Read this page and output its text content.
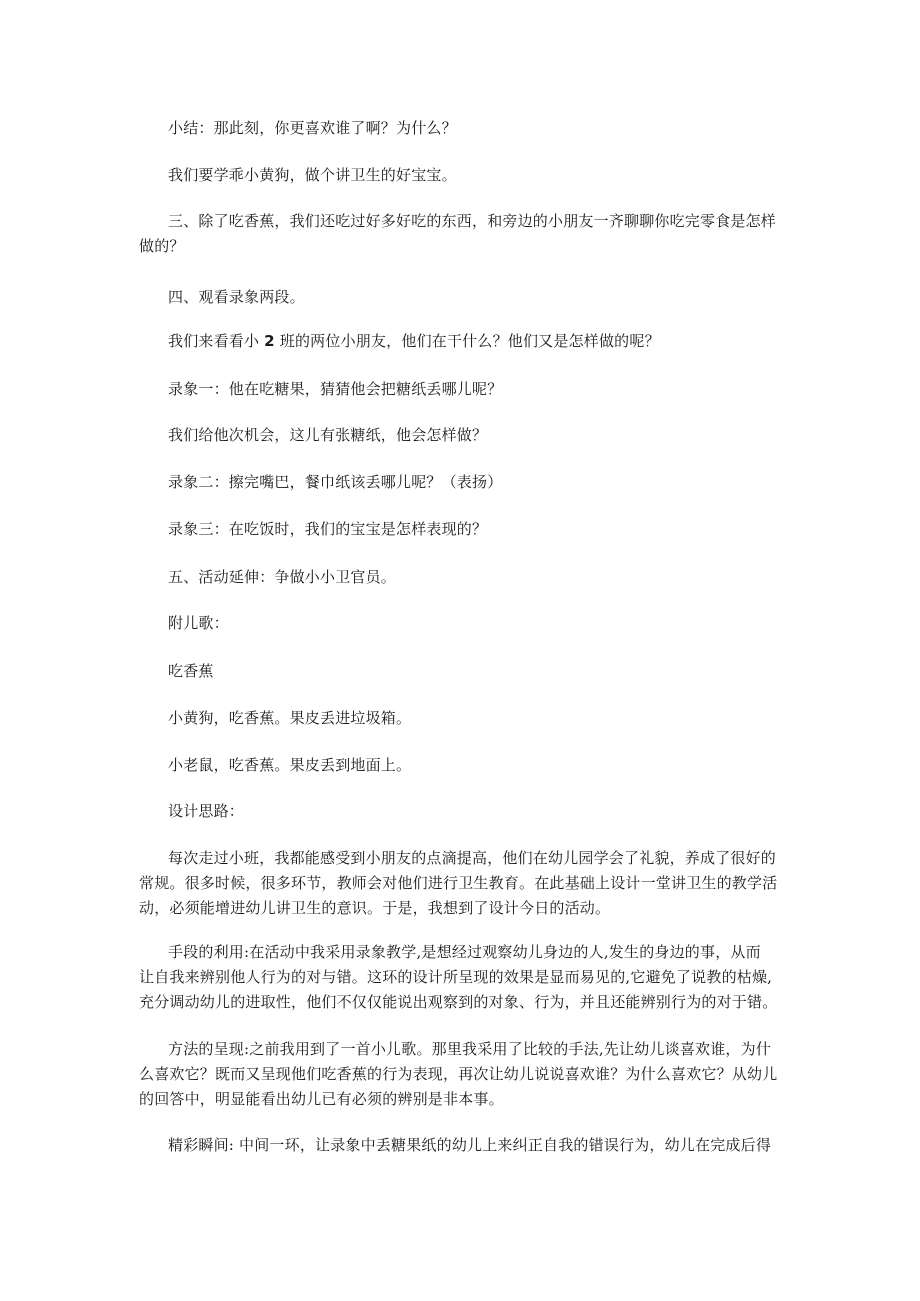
小结：那此刻，你更喜欢谁了啊？为什么？

我们要学乖小黄狗，做个讲卫生的好宝宝。

三、除了吃香蕉，我们还吃过好多好吃的东西，和旁边的小朋友一齐聊聊你吃完零食是怎样
做的？

四、观看录象两段。

我们来看看小 2 班的两位小朋友，他们在干什么？他们又是怎样做的呢？

录象一：他在吃糖果，猜猜他会把糖纸丢哪儿呢？

我们给他次机会，这儿有张糖纸，他会怎样做？

录象二：擦完嘴巴，餐巾纸该丢哪儿呢？（表扬）

录象三：在吃饭时，我们的宝宝是怎样表现的？

五、活动延伸：争做小小卫官员。

附儿歌：

吃香蕉

小黄狗，吃香蕉。果皮丢进垃圾箱。

小老鼠，吃香蕉。果皮丢到地面上。

设计思路：

每次走过小班，我都能感受到小朋友的点滴提高，他们在幼儿园学会了礼貌，养成了很好的
常规。很多时候，很多环节，教师会对他们进行卫生教育。在此基础上设计一堂讲卫生的教学活
动，必须能增进幼儿讲卫生的意识。于是，我想到了设计今日的活动。
手段的利用:在活动中我采用录象教学,是想经过观察幼儿身边的人,发生的身边的事，从而
让自我来辨别他人行为的对与错。这环的设计所呈现的效果是显而易见的,它避免了说教的枯燥,
充分调动幼儿的进取性，他们不仅仅能说出观察到的对象、行为，并且还能辨别行为的对于错。
方法的呈现:之前我用到了一首小儿歌。那里我采用了比较的手法,先让幼儿谈喜欢谁，为什
么喜欢它？既而又呈现他们吃香蕉的行为表现，再次让幼儿说说喜欢谁？为什么喜欢它？从幼儿
的回答中，明显能看出幼儿已有必须的辨别是非本事。
精彩瞬间: 中间一环，让录象中丢糖果纸的幼儿上来纠正自我的错误行为，幼儿在完成后得
